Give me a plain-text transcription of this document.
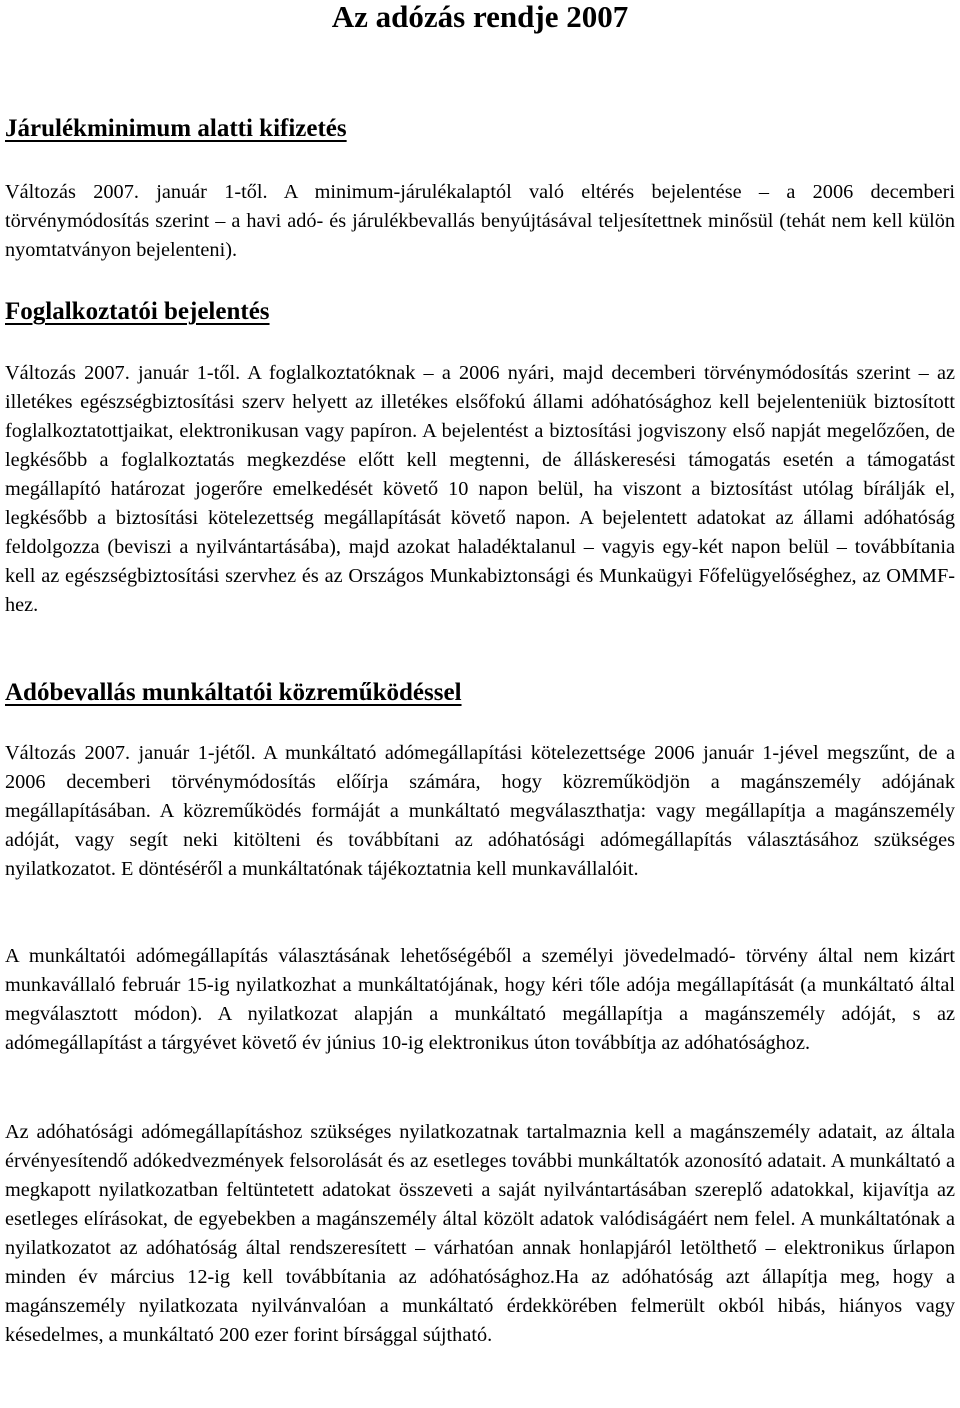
Az adózás rendje 2007
Járulékminimum alatti kifizetés

Változás 2007. január 1-től. A minimum-járulékalaptól való eltérés bejelentése – a 2006 decemberi törvénymódosítás szerint – a havi adó- és járulékbevallás benyújtásával teljesítettnek minősül (tehát nem kell külön nyomtatványon bejelenteni).

Foglalkoztatói bejelentés

Változás 2007. január 1-től. A foglalkoztatóknak – a 2006 nyári, majd decemberi törvénymódosítás szerint – az illetékes egészségbiztosítási szerv helyett az illetékes elsőfokú állami adóhatósághoz kell bejelenteniük biztosított foglalkoztatottjaikat, elektronikusan vagy papíron. A bejelentést a biztosítási jogviszony első napját megelőzően, de legkésőbb a foglalkoztatás megkezdése előtt kell megtenni, de álláskeresési támogatás esetén a támogatást megállapító határozat jogerőre emelkedését követő 10 napon belül, ha viszont a biztosítást utólag bírálják el, legkésőbb a biztosítási kötelezettség megállapítását követő napon. A bejelentett adatokat az állami adóhatóság feldolgozza (beviszi a nyilvántartásába), majd azokat haladéktalanul – vagyis egy-két napon belül – továbbítania kell az egészségbiztosítási szervhez és az Országos Munkabiztonsági és Munkaügyi Főfelügyelőséghez, az OMMF-hez.

Adóbevallás munkáltatói közreműködéssel

Változás 2007. január 1-jétől. A munkáltató adómegállapítási kötelezettsége 2006 január 1-jével megszűnt, de a 2006 decemberi törvénymódosítás előírja számára, hogy közreműködjön a magánszemély adójának megállapításában. A közreműködés formáját a munkáltató megválaszthatja: vagy megállapítja a magánszemély adóját, vagy segít neki kitölteni és továbbítani az adóhatósági adómegállapítás választásához szükséges nyilatkozatot. E döntéséről a munkáltatónak tájékoztatnia kell munkavállalóit.

A munkáltatói adómegállapítás választásának lehetőségéből a személyi jövedelmadó- törvény által nem kizárt munkavállaló február 15-ig nyilatkozhat a munkáltatójának, hogy kéri tőle adója megállapítását (a munkáltató által megválasztott módon). A nyilatkozat alapján a munkáltató megállapítja a magánszemély adóját, s az adómegállapítást a tárgyévet követő év június 10-ig elektronikus úton továbbítja az adóhatósághoz.

Az adóhatósági adómegállapításhoz szükséges nyilatkozatnak tartalmaznia kell a magánszemély adatait, az általa érvényesítendő adókedvezmények felsorolását és az esetleges további munkáltatók azonosító adatait. A munkáltató a megkapott nyilatkozatban feltüntetett adatokat összeveti a saját nyilvántartásában szereplő adatokkal, kijavítja az esetleges elírásokat, de egyebekben a magánszemély által közölt adatok valódiságáért nem felel. A munkáltatónak a nyilatkozatot az adóhatóság által rendszeresített – várhatóan annak honlapjáról letölthető – elektronikus űrlapon minden év március 12-ig kell továbbítania az adóhatósághoz.Ha az adóhatóság azt állapítja meg, hogy a magánszemély nyilatkozata nyilvánvalóan a munkáltató érdekkörében felmerült okból hibás, hiányos vagy késedelmes, a munkáltató 200 ezer forint bírsággal sújtható.
